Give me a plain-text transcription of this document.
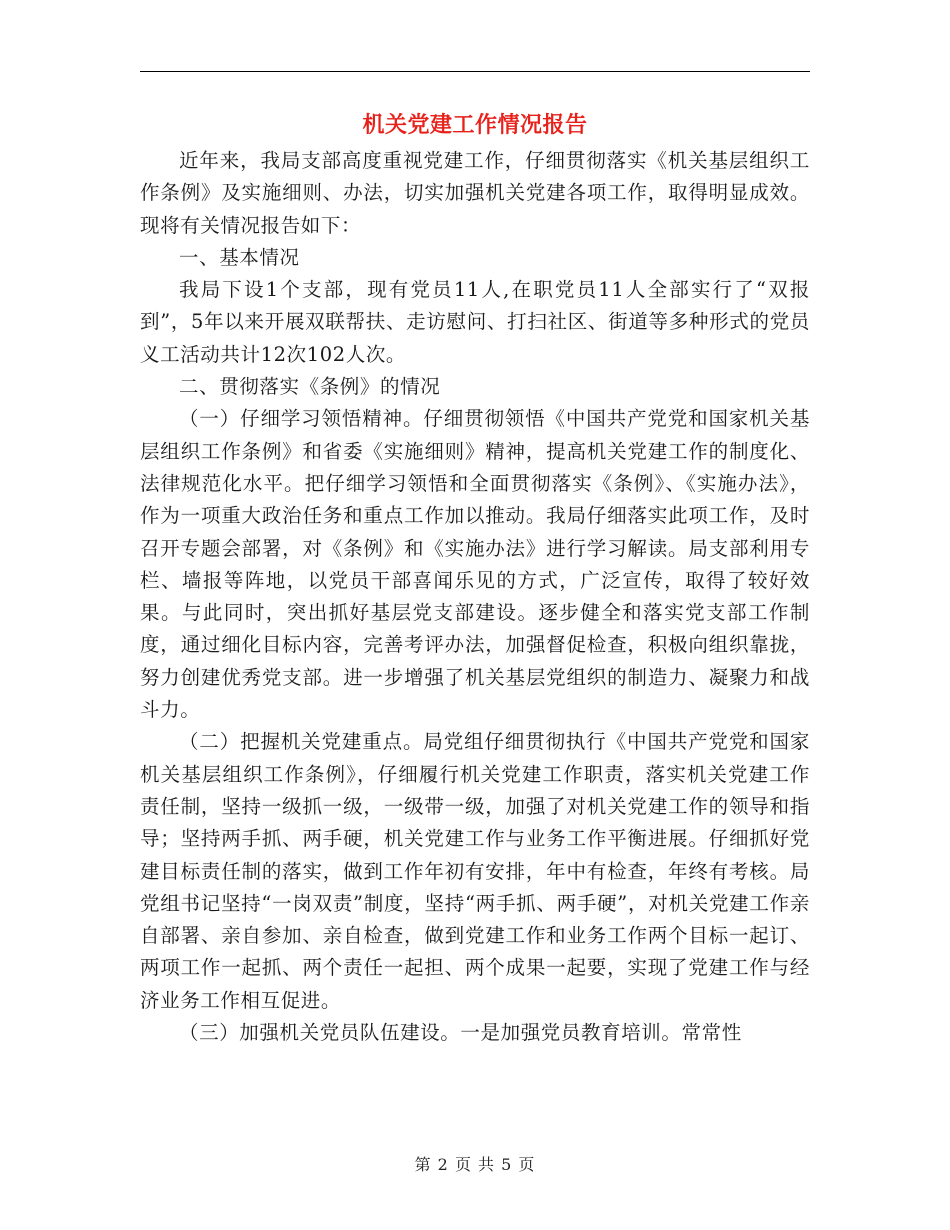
机关党建工作情况报告

近年来，我局支部高度重视党建工作，仔细贯彻落实《机关基层组织工作条例》及实施细则、办法，切实加强机关党建各项工作，取得明显成效。现将有关情况报告如下：

一、基本情况

我局下设1个支部，现有党员11人,在职党员11人全部实行了“双报到”，5年以来开展双联帮扶、走访慰问、打扫社区、街道等多种形式的党员义工活动共计12次102人次。

二、贯彻落实《条例》的情况

（一）仔细学习领悟精神。仔细贯彻领悟《中国共产党党和国家机关基层组织工作条例》和省委《实施细则》精神，提高机关党建工作的制度化、法律规范化水平。把仔细学习领悟和全面贯彻落实《条例》、《实施办法》，作为一项重大政治任务和重点工作加以推动。我局仔细落实此项工作，及时召开专题会部署，对《条例》和《实施办法》进行学习解读。局支部利用专栏、墙报等阵地，以党员干部喜闻乐见的方式，广泛宣传，取得了较好效果。与此同时，突出抓好基层党支部建设。逐步健全和落实党支部工作制度，通过细化目标内容，完善考评办法，加强督促检查，积极向组织靠拢，努力创建优秀党支部。进一步增强了机关基层党组织的制造力、凝聚力和战斗力。

（二）把握机关党建重点。局党组仔细贯彻执行《中国共产党党和国家机关基层组织工作条例》，仔细履行机关党建工作职责，落实机关党建工作责任制，坚持一级抓一级，一级带一级，加强了对机关党建工作的领导和指导；坚持两手抓、两手硬，机关党建工作与业务工作平衡进展。仔细抓好党建目标责任制的落实，做到工作年初有安排，年中有检查，年终有考核。局党组书记坚持“一岗双责”制度，坚持“两手抓、两手硬”，对机关党建工作亲自部署、亲自参加、亲自检查，做到党建工作和业务工作两个目标一起订、两项工作一起抓、两个责任一起担、两个成果一起要，实现了党建工作与经济业务工作相互促进。

（三）加强机关党员队伍建设。一是加强党员教育培训。常常性

第 2 页 共 5 页
